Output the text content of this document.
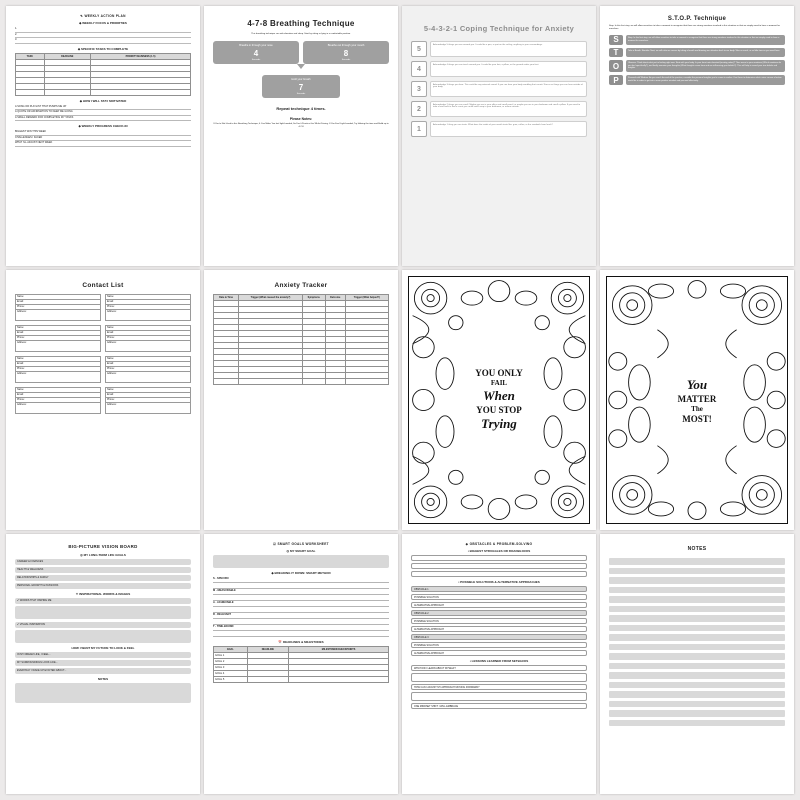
✎ WEEKLY ACTION PLAN
◆ WEEKLY FOCUS & PRIORITIES
1.
2.
3.
◆ SPECIFIC TASKS TO COMPLETE
TASK	DEADLINE	PRIORITY/EASINESS (1-5)

◆ HOW I WILL STAY MOTIVATED
A SONG OR PLAYLIST THAT PUMPS ME UP
A QUOTE OR AFFIRMATION TO KEEP ME GOING
A SMALL REWARD FOR COMPLETING MY TASKS
◆ WEEKLY PROGRESS CHECK-IN
BIGGEST WIN THIS WEEK
CHALLENGES I FACED
WHAT I'LL ADJUST NEXT WEEK
4-7-8 Breathing Technique
This breathing technique can aid relaxation and sleep. Start by sitting or lying in a comfortable position.
Breathe in through your nose
4
Seconds
Breathe out through your mouth
8
Seconds
Hold your breath
7
Seconds
Repeat technique 4 times.
Please Notes:
If You're Not Used to this Breathing Technique, It Can Make You feel light-headed, So Don't Practice this Whilst Driving. If You Feel Light-headed, Try Halving the time and Build up to 4-7-8
5-4-3-2-1 Coping Technique for Anxiety
5
Acknowledge 5 things you see around you. It could be a pen, a spot on the ceiling, anything in your surroundings.
4
Acknowledge 4 things you can touch around you. It could be your hair, a pillow, or the ground under your feet.
3
Acknowledge 3 things you hear. This could be any external sound. If you can hear your body rumbling that counts! Focus on things you can hear outside of your body.
2
Acknowledge 2 things you can smell. Maybe you are in your office and smell pencil, or maybe you are in your bedroom and smell a pillow. If you need to take a brief walk to find a scent you could smell soap in your bathroom, or nature outside.
1
Acknowledge 1 thing you can taste. What does the inside of your mouth taste like: gum, coffee, or the sandwich from lunch?
S.T.O.P. Technique
Stop. In this first step, we will allow ourselves to take a moment to recognize that there are strong emotions involved in this situation or that we simply need to have a moment for ourselves.
S	Stop. In this first step, we will allow ourselves to take a moment to recognize that there are strong emotions involved in this situation or that we simply need to have a moment for ourselves.
T	Take a Breath. Breathe. Next, we will calm our nerves by taking a breath and drawing our attention back to our body. Take as much, or as little time as you need here.
O	Observe. Think about what you're feeling right now. Start with your body. Is your heart rate elevated (anxiety palms)? Then move to your emotions (Which emotions do you feel specifically?), and finally examine your thoughts (What thoughts come from and are influencing your beliefs?). This will help to reveal your true beliefs and insights.
P	Proceed with Wisdom. As you reach the end of the practice, consider the personal insights you've come to realize. Use these to determine what a wise course of action would be in order to get into a more positive mindset and proceed effectively.
Contact List
Name:
Email:
Phone:
Address:
Name:
Email:
Phone:
Address:
Name:
Email:
Phone:
Address:
Name:
Email:
Phone:
Address:
Name:
Email:
Phone:
Address:
Name:
Email:
Phone:
Address:
Name:
Email:
Phone:
Address:
Name:
Email:
Phone:
Address:
Anxiety Tracker
Date & Time	Trigger (What caused the anxiety?)	Symptoms	Outcome	Trigger (What helped?)

YOU ONLY
FAIL
When
YOU STOP
Trying
You
MATTER
The
MOST!
BIG-PICTURE VISION BOARD
◎ MY LONG-TERM LIFE GOALS
CAREER & FINANCES
HEALTH & WELLNESS
RELATIONSHIPS & FAMILY
PERSONAL GROWTH & PASSIONS
✦ INSPIRATIONAL WORDS & IMAGES
✔ WORDS THAT INSPIRE ME
✔ VISUAL INSPIRATION
HOW I WANT MY FUTURE TO LOOK & FEEL
IN MY DREAM LIFE, I FEEL...
MY SURROUNDINGS LOOK LIKE...
EVERYDAY I WAKE UP EXCITED ABOUT...
NOTES
☑ SMART GOALS WORKSHEET
◎ MY SMART GOAL
◆ BREAKING IT DOWN: SMART METHOD
S - SPECIFIC
M - MEASURABLE
A - ACHIEVABLE
R - RELEVANT
T - TIME-BOUND
📅 DEADLINES & MILESTONES
GOAL	DEADLINE	MILESTONES/CHECKPOINTS
GOAL 1		
GOAL 2		
GOAL 3		
GOAL 4		
GOAL 5		
◈ OBSTACLES & PROBLEM-SOLVING
▪ BIGGEST STRUGGLES OR ROADBLOCKS
▪ POSSIBLE SOLUTIONS & ALTERNATIVE APPROACHES
OBSTACLE 1
POSSIBLE SOLUTION
ALTERNATIVE APPROACH
OBSTACLE 2
POSSIBLE SOLUTION
ALTERNATIVE APPROACH
OBSTACLE 3
POSSIBLE SOLUTION
ALTERNATIVE APPROACH
▪ LESSONS LEARNED FROM SETBACKS
WHAT DID I LEARN ABOUT MYSELF?
HOW CAN I ADJUST MY APPROACH MOVING FORWARD?
ONE MINDSET SHIFT I WILL EMBRACE
NOTES
